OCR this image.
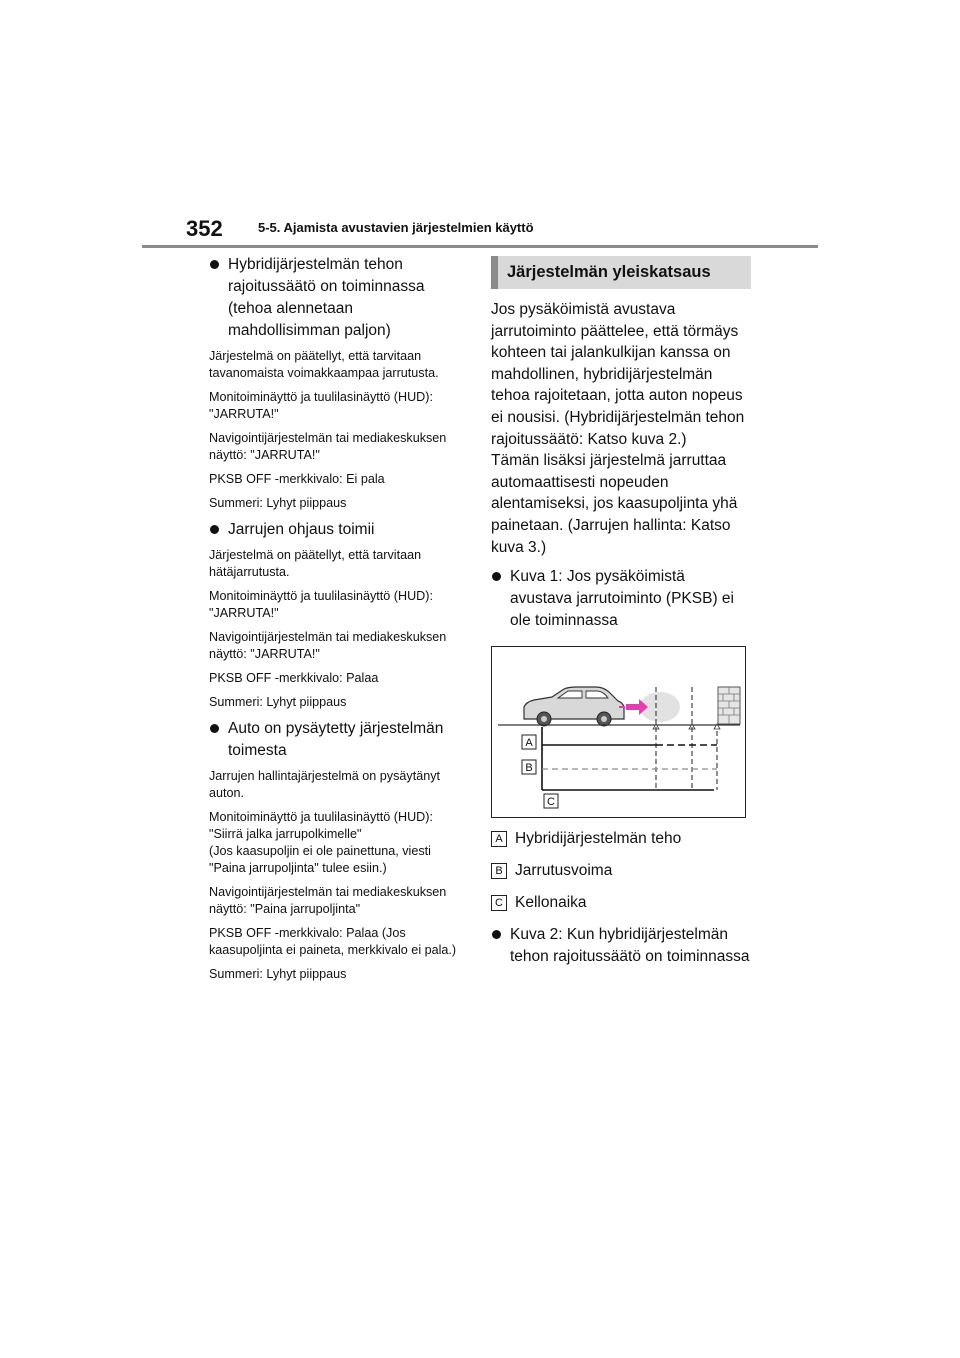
352	5-5. Ajamista avustavien järjestelmien käyttö
Hybridijärjestelmän tehon rajoitussäätö on toiminnassa (tehoa alennetaan mahdollisimman paljon)

Järjestelmä on päätellyt, että tarvitaan tavanomaista voimakkaampaa jarrutusta.

Monitoiminäyttö ja tuulilasinäyttö (HUD): "JARRUTA!"

Navigointijärjestelmän tai mediakeskuksen näyttö: "JARRUTA!"

PKSB OFF -merkkivalo: Ei pala

Summeri: Lyhyt piippaus

Jarrujen ohjaus toimii

Järjestelmä on päätellyt, että tarvitaan hätäjarrutusta.

Monitoiminäyttö ja tuulilasinäyttö (HUD): "JARRUTA!"

Navigointijärjestelmän tai mediakeskuksen näyttö: "JARRUTA!"

PKSB OFF -merkkivalo: Palaa

Summeri: Lyhyt piippaus

Auto on pysäytetty järjestelmän toimesta

Jarrujen hallintajärjestelmä on pysäytänyt auton.

Monitoiminäyttö ja tuulilasinäyttö (HUD): "Siirrä jalka jarrupolkimelle"
(Jos kaasupoljin ei ole painettuna, viesti "Paina jarrupoljinta" tulee esiin.)

Navigointijärjestelmän tai mediakeskuksen näyttö: "Paina jarrupoljinta"

PKSB OFF -merkkivalo: Palaa (Jos kaasupoljinta ei paineta, merkkivalo ei pala.)

Summeri: Lyhyt piippaus

Järjestelmän yleiskatsaus

Jos pysäköimistä avustava jarrutoiminto päättelee, että törmäys kohteen tai jalankulkijan kanssa on mahdollinen, hybridijärjestelmän tehoa rajoitetaan, jotta auton nopeus ei nousisi. (Hybridijärjestelmän tehon rajoitussäätö: Katso kuva 2.)
Tämän lisäksi järjestelmä jarruttaa automaattisesti nopeuden alentamiseksi, jos kaasupoljinta yhä painetaan. (Jarrujen hallinta: Katso kuva 3.)

Kuva 1: Jos pysäköimistä avustava jarrutoiminto (PKSB) ei ole toiminnassa
A
B
C
A Hybridijärjestelmän teho
B Jarrutusvoima
C Kellonaika
Kuva 2: Kun hybridijärjestelmän tehon rajoitussäätö on toiminnassa
